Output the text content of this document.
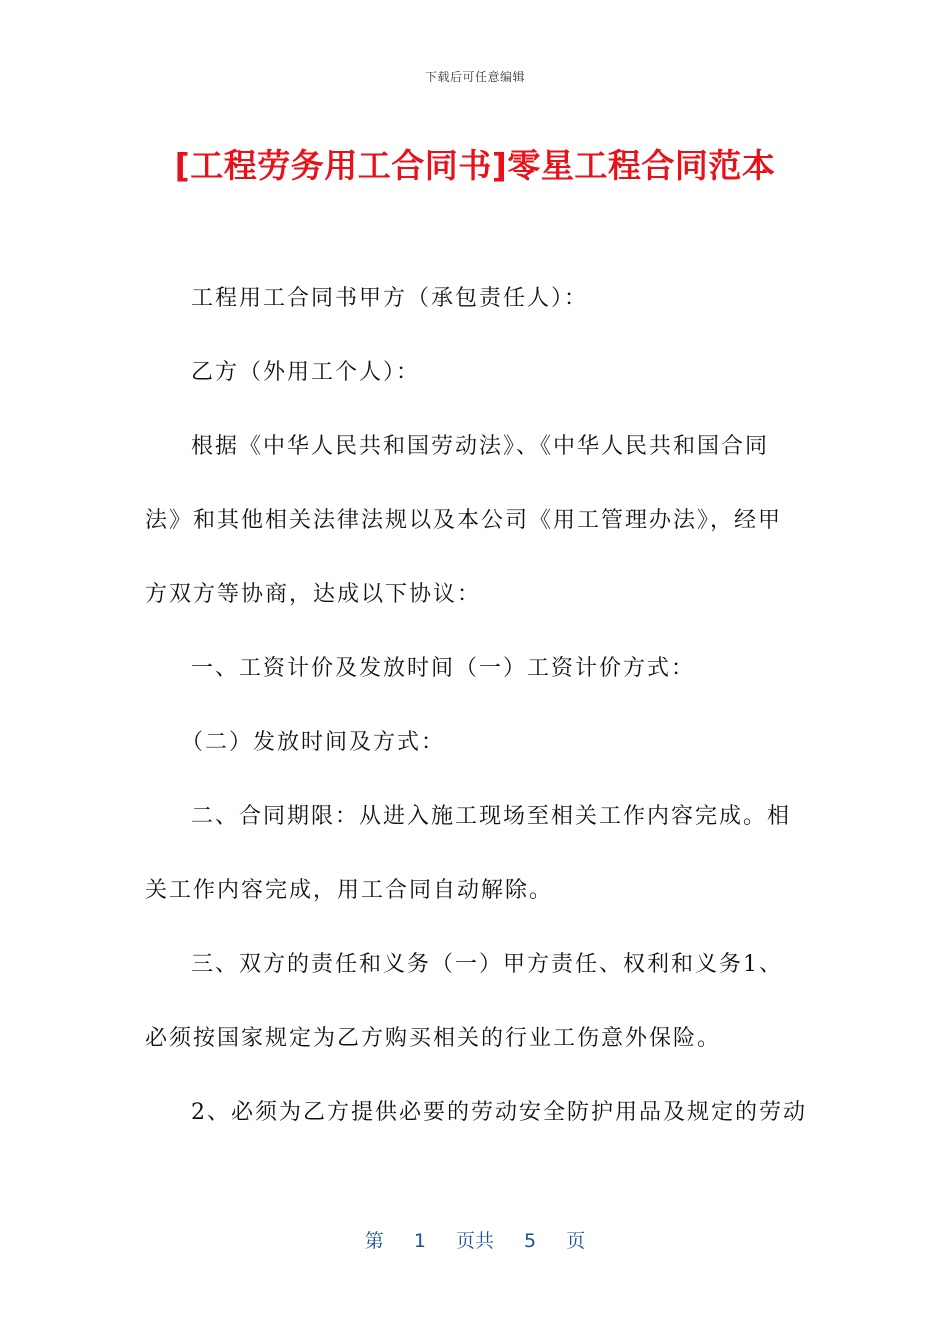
下载后可任意编辑
[工程劳务用工合同书]零星工程合同范本
工程用工合同书甲方（承包责任人）：
乙方（外用工个人）：
根据《中华人民共和国劳动法》、《中华人民共和国合同
法》和其他相关法律法规以及本公司《用工管理办法》，经甲
方双方等协商，达成以下协议：
一、工资计价及发放时间（一）工资计价方式：
（二）发放时间及方式：
二、合同期限：从进入施工现场至相关工作内容完成。相
关工作内容完成，用工合同自动解除。
三、双方的责任和义务（一）甲方责任、权利和义务1、
必须按国家规定为乙方购买相关的行业工伤意外保险。
2、必须为乙方提供必要的劳动安全防护用品及规定的劳动
第 1 页共 5 页
